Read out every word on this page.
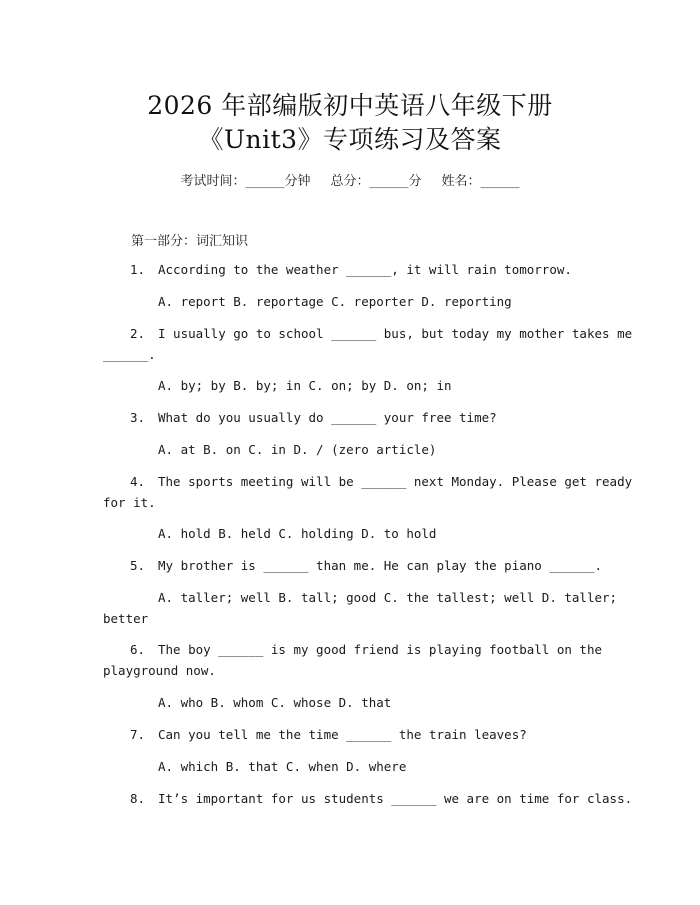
2026 年部编版初中英语八年级下册
《Unit3》专项练习及答案
考试时间：______分钟 总分：______分 姓名：______
第一部分：词汇知识
1. According to the weather ______, it will rain tomorrow.
A. report B. reportage C. reporter D. reporting
2. I usually go to school ______ bus, but today my mother takes me
______.
A. by; by B. by; in C. on; by D. on; in
3. What do you usually do ______ your free time?
A. at B. on C. in D. / (zero article)
4. The sports meeting will be ______ next Monday. Please get ready
for it.
A. hold B. held C. holding D. to hold
5. My brother is ______ than me. He can play the piano ______.
A. taller; well B. tall; good C. the tallest; well D. taller;
better
6. The boy ______ is my good friend is playing football on the
playground now.
A. who B. whom C. whose D. that
7. Can you tell me the time ______ the train leaves?
A. which B. that C. when D. where
8. It’s important for us students ______ we are on time for class.
